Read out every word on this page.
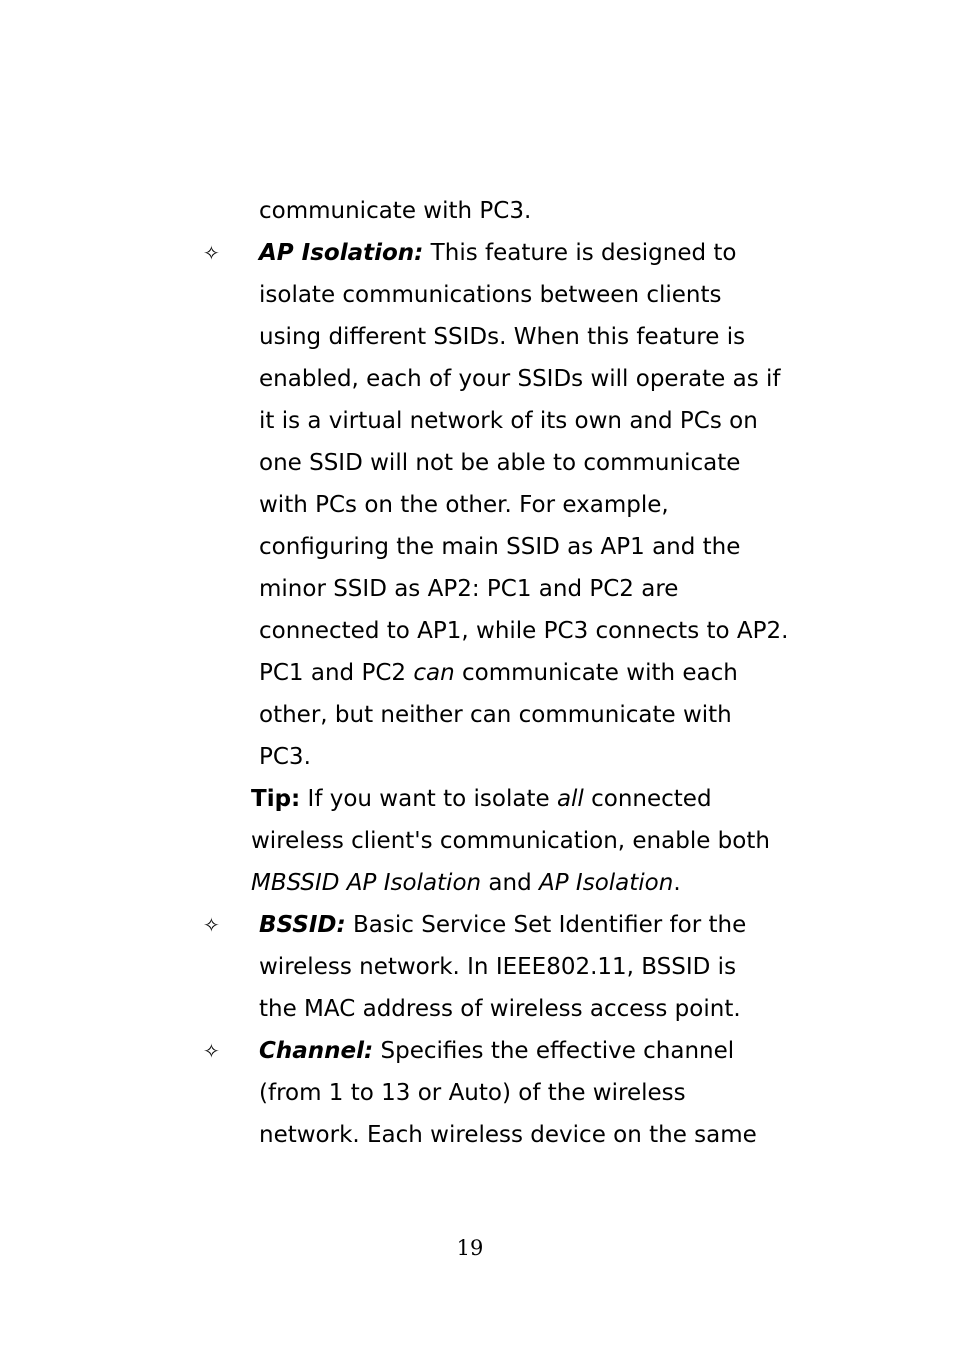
communicate with PC3.
✧ AP Isolation: This feature is designed to
isolate communications between clients
using different SSIDs. When this feature is
enabled, each of your SSIDs will operate as if
it is a virtual network of its own and PCs on
one SSID will not be able to communicate
with PCs on the other. For example,
configuring the main SSID as AP1 and the
minor SSID as AP2: PC1 and PC2 are
connected to AP1, while PC3 connects to AP2.
PC1 and PC2 can communicate with each
other, but neither can communicate with
PC3.
Tip: If you want to isolate all connected
wireless client's communication, enable both
MBSSID AP Isolation and AP Isolation.
✧ BSSID: Basic Service Set Identifier for the
wireless network. In IEEE802.11, BSSID is
the MAC address of wireless access point.
✧ Channel: Specifies the effective channel
(from 1 to 13 or Auto) of the wireless
network. Each wireless device on the same
19
